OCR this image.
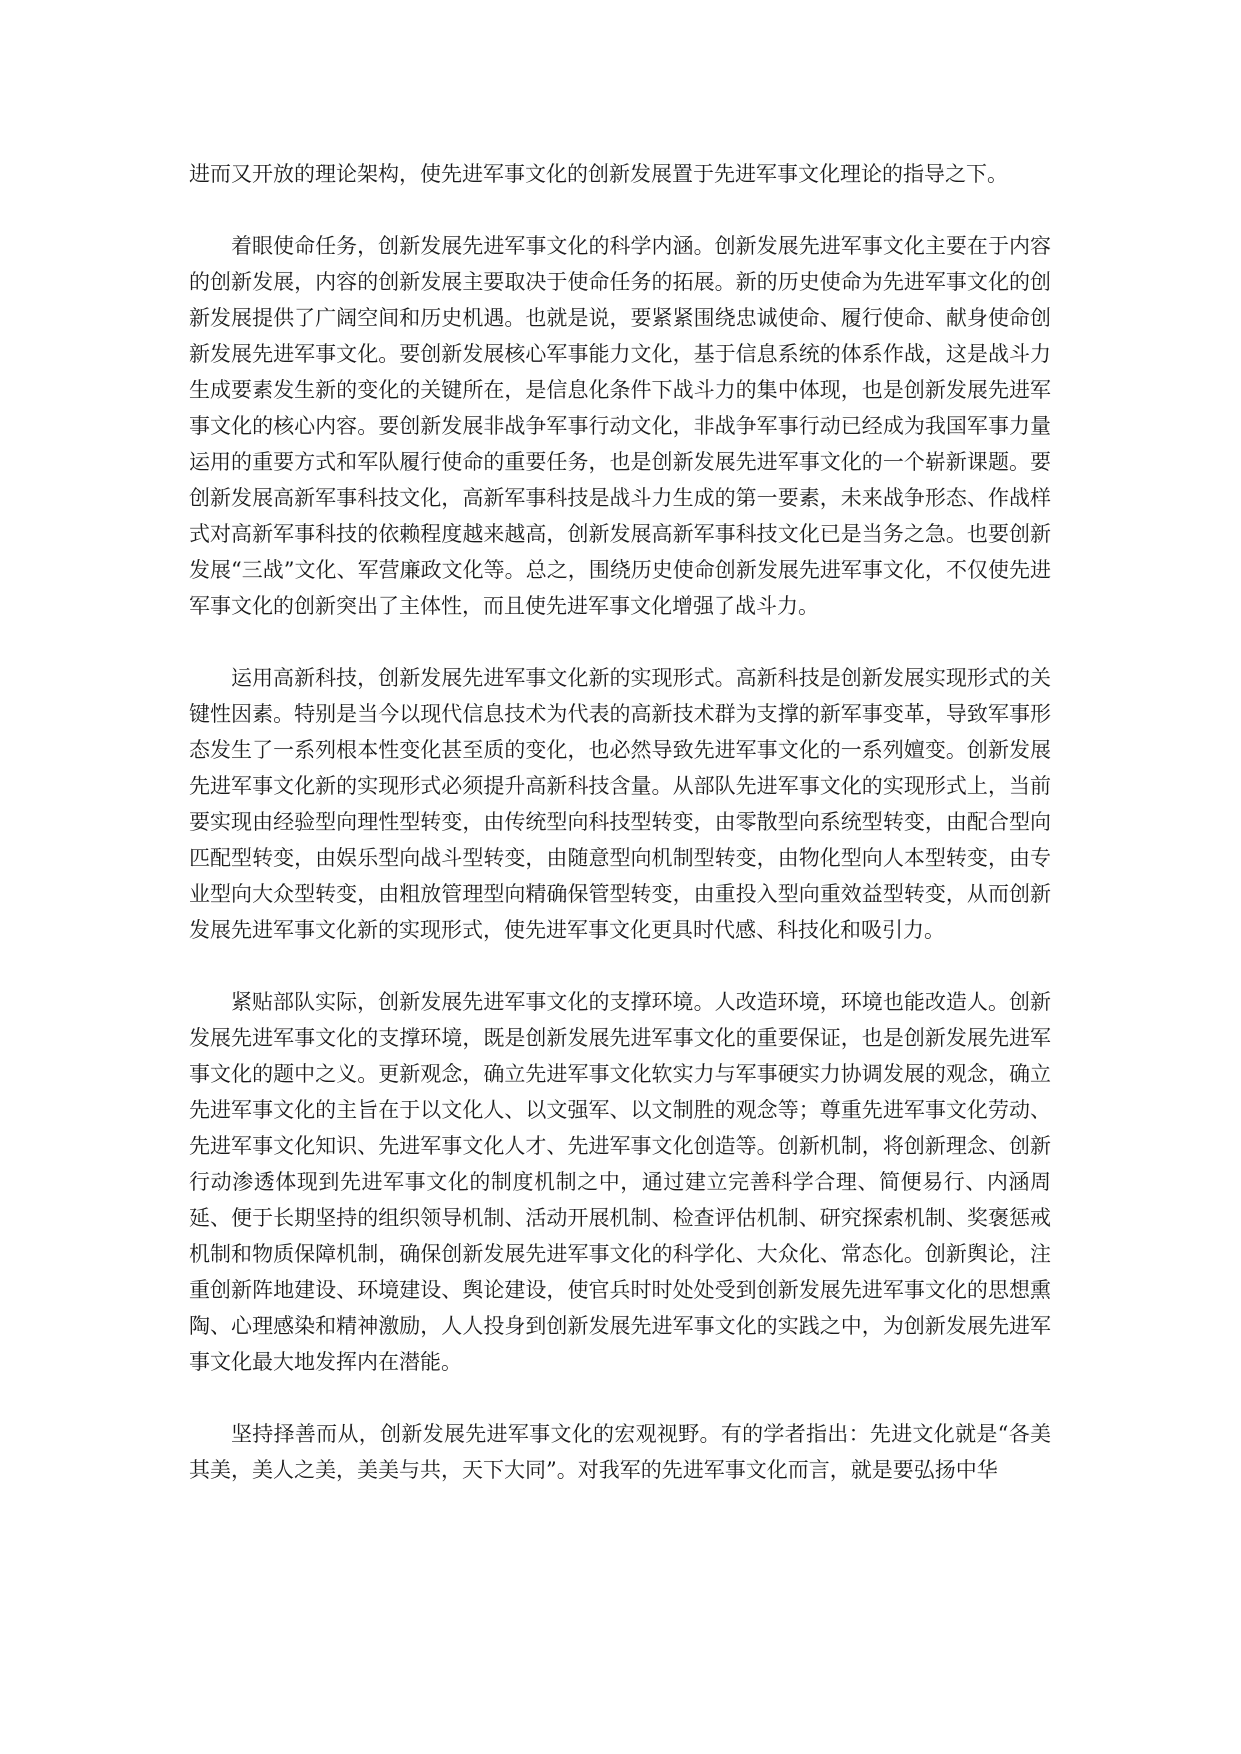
进而又开放的理论架构，使先进军事文化的创新发展置于先进军事文化理论的指导之下。

着眼使命任务，创新发展先进军事文化的科学内涵。创新发展先进军事文化主要在于内容的创新发展，内容的创新发展主要取决于使命任务的拓展。新的历史使命为先进军事文化的创新发展提供了广阔空间和历史机遇。也就是说，要紧紧围绕忠诚使命、履行使命、献身使命创新发展先进军事文化。要创新发展核心军事能力文化，基于信息系统的体系作战，这是战斗力生成要素发生新的变化的关键所在，是信息化条件下战斗力的集中体现，也是创新发展先进军事文化的核心内容。要创新发展非战争军事行动文化，非战争军事行动已经成为我国军事力量运用的重要方式和军队履行使命的重要任务，也是创新发展先进军事文化的一个崭新课题。要创新发展高新军事科技文化，高新军事科技是战斗力生成的第一要素，未来战争形态、作战样式对高新军事科技的依赖程度越来越高，创新发展高新军事科技文化已是当务之急。也要创新发展“三战”文化、军营廉政文化等。总之，围绕历史使命创新发展先进军事文化，不仅使先进军事文化的创新突出了主体性，而且使先进军事文化增强了战斗力。

运用高新科技，创新发展先进军事文化新的实现形式。高新科技是创新发展实现形式的关键性因素。特别是当今以现代信息技术为代表的高新技术群为支撑的新军事变革，导致军事形态发生了一系列根本性变化甚至质的变化，也必然导致先进军事文化的一系列嬗变。创新发展先进军事文化新的实现形式必须提升高新科技含量。从部队先进军事文化的实现形式上，当前要实现由经验型向理性型转变，由传统型向科技型转变，由零散型向系统型转变，由配合型向匹配型转变，由娱乐型向战斗型转变，由随意型向机制型转变，由物化型向人本型转变，由专业型向大众型转变，由粗放管理型向精确保管型转变，由重投入型向重效益型转变，从而创新发展先进军事文化新的实现形式，使先进军事文化更具时代感、科技化和吸引力。

紧贴部队实际，创新发展先进军事文化的支撑环境。人改造环境，环境也能改造人。创新发展先进军事文化的支撑环境，既是创新发展先进军事文化的重要保证，也是创新发展先进军事文化的题中之义。更新观念，确立先进军事文化软实力与军事硬实力协调发展的观念，确立先进军事文化的主旨在于以文化人、以文强军、以文制胜的观念等；尊重先进军事文化劳动、先进军事文化知识、先进军事文化人才、先进军事文化创造等。创新机制，将创新理念、创新行动渗透体现到先进军事文化的制度机制之中，通过建立完善科学合理、简便易行、内涵周延、便于长期坚持的组织领导机制、活动开展机制、检查评估机制、研究探索机制、奖褒惩戒机制和物质保障机制，确保创新发展先进军事文化的科学化、大众化、常态化。创新舆论，注重创新阵地建设、环境建设、舆论建设，使官兵时时处处受到创新发展先进军事文化的思想熏陶、心理感染和精神激励，人人投身到创新发展先进军事文化的实践之中，为创新发展先进军事文化最大地发挥内在潜能。

坚持择善而从，创新发展先进军事文化的宏观视野。有的学者指出：先进文化就是“各美其美，美人之美，美美与共，天下大同”。对我军的先进军事文化而言，就是要弘扬中华
